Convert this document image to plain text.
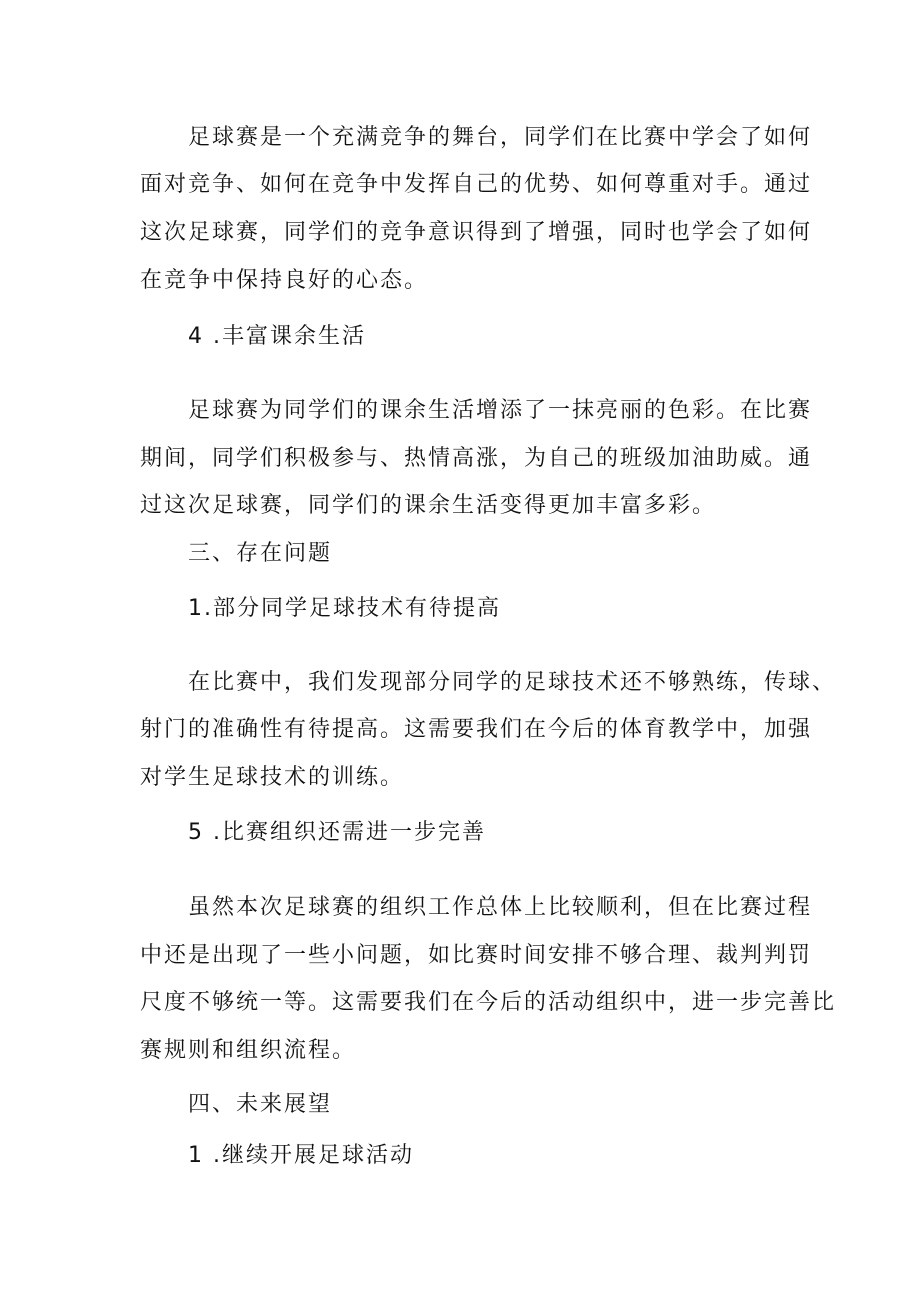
足球赛是一个充满竞争的舞台，同学们在比赛中学会了如何
面对竞争、如何在竞争中发挥自己的优势、如何尊重对手。通过
这次足球赛，同学们的竞争意识得到了增强，同时也学会了如何
在竞争中保持良好的心态。
4 .丰富课余生活
足球赛为同学们的课余生活增添了一抹亮丽的色彩。在比赛
期间，同学们积极参与、热情高涨，为自己的班级加油助威。通
过这次足球赛，同学们的课余生活变得更加丰富多彩。
三、存在问题
1.部分同学足球技术有待提高
在比赛中，我们发现部分同学的足球技术还不够熟练，传球、
射门的准确性有待提高。这需要我们在今后的体育教学中，加强
对学生足球技术的训练。
5 .比赛组织还需进一步完善
虽然本次足球赛的组织工作总体上比较顺利，但在比赛过程
中还是出现了一些小问题，如比赛时间安排不够合理、裁判判罚
尺度不够统一等。这需要我们在今后的活动组织中，进一步完善比
赛规则和组织流程。
四、未来展望
1 .继续开展足球活动
